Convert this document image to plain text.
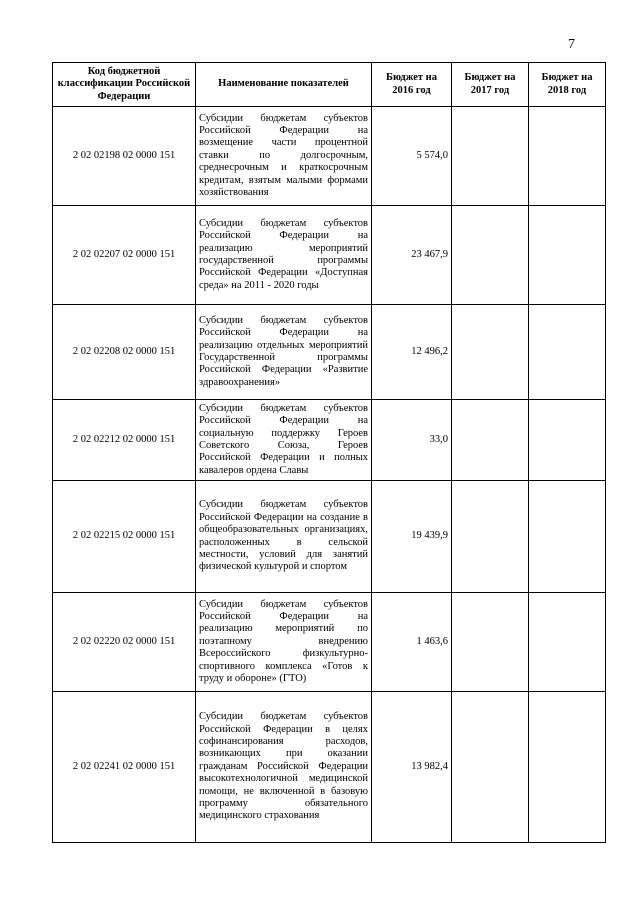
7
Код бюджетной классификации Российской Федерации	Наименование показателей	Бюджет на 2016 год	Бюджет на 2017 год	Бюджет на 2018 год
2 02 02198 02 0000 151	Субсидии бюджетам субъектов Российской Федерации на возмещение части процентной ставки по долгосрочным, среднесрочным и краткосрочным кредитам, взятым малыми формами хозяйствования	5 574,0		
2 02 02207 02 0000 151	Субсидии бюджетам субъектов Российской Федерации на реализацию мероприятий государственной программы Российской Федерации «Доступная среда» на 2011 - 2020 годы	23 467,9		
2 02 02208 02 0000 151	Субсидии бюджетам субъектов Российской Федерации на реализацию отдельных мероприятий Государственной программы Российской Федерации «Развитие здравоохранения»	12 496,2		
2 02 02212 02 0000 151	Субсидии бюджетам субъектов Российской Федерации на социальную поддержку Героев Советского Союза, Героев Российской Федерации и полных кавалеров ордена Славы	33,0		
2 02 02215 02 0000 151	Субсидии бюджетам субъектов Российской Федерации на создание в общеобразовательных организациях, расположенных в сельской местности, условий для занятий физической культурой и спортом	19 439,9		
2 02 02220 02 0000 151	Субсидии бюджетам субъектов Российской Федерации на реализацию мероприятий по поэтапному внедрению Всероссийского физкультурно-спортивного комплекса «Готов к труду и обороне» (ГТО)	1 463,6		
2 02 02241 02 0000 151	Субсидии бюджетам субъектов Российской Федерации в целях софинансирования расходов, возникающих при оказании гражданам Российской Федерации высокотехнологичной медицинской помощи, не включенной в базовую программу обязательного медицинского страхования	13 982,4		
